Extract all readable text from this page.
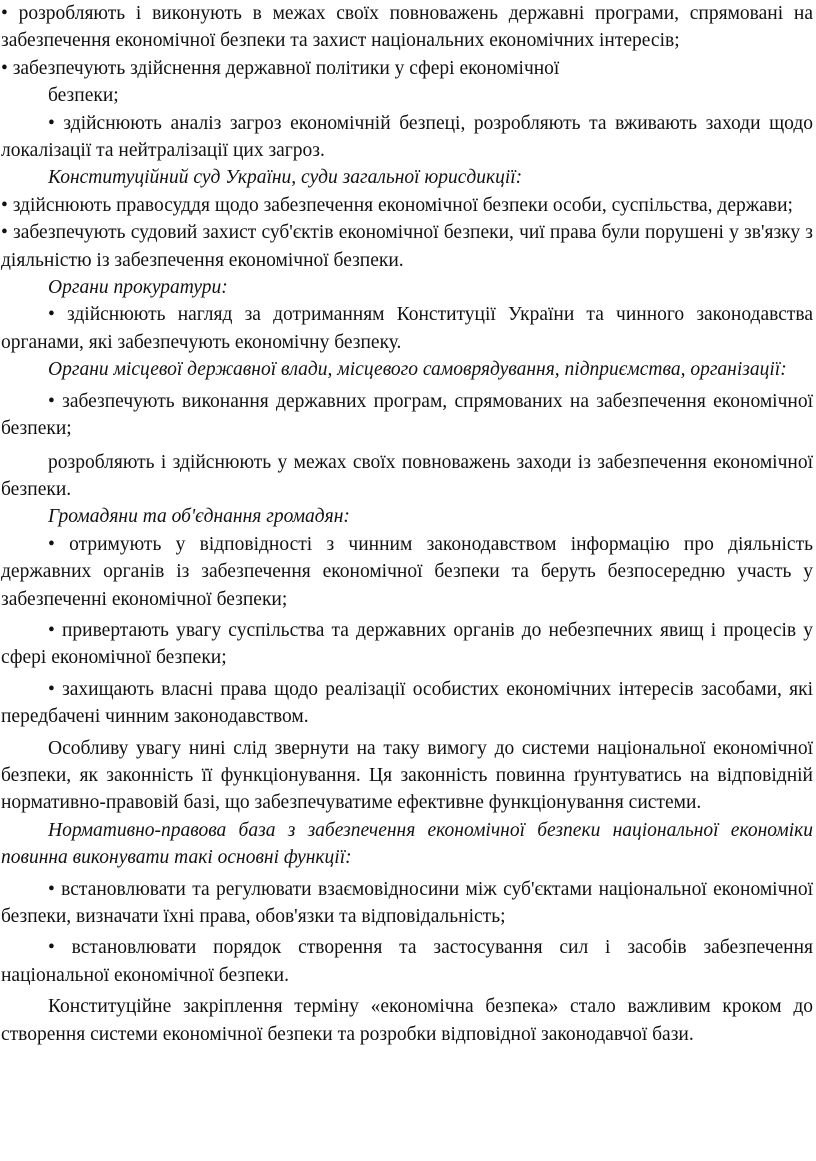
• розробляють і виконують в межах своїх повноважень державні програми, спрямовані на забезпечення економічної безпеки та захист національних економічних інтересів;

• забезпечують здійснення державної політики у сфері економічної

безпеки;

• здійснюють аналіз загроз економічній безпеці, розробляють та вживають заходи щодо локалізації та нейтралізації цих загроз.

Конституційний суд України, суди загальної юрисдикції:

• здійснюють правосуддя щодо забезпечення економічної безпеки особи, суспільства, держави;

• забезпечують судовий захист суб'єктів економічної безпеки, чиї права були порушені у зв'язку з діяльністю із забезпечення економічної безпеки.

Органи прокуратури:

• здійснюють нагляд за дотриманням Конституції України та чинного законодавства органами, які забезпечують економічну безпеку.

Органи місцевої державної влади, місцевого самоврядування, підприємства, організації:

• забезпечують виконання державних програм, спрямованих на забезпечення економічної безпеки;

розробляють і здійснюють у межах своїх повноважень заходи із забезпечення економічної безпеки.

Громадяни та об'єднання громадян:

• отримують у відповідності з чинним законодавством інформацію про діяльність державних органів із забезпечення економічної безпеки та беруть безпосередню участь у забезпеченні економічної безпеки;

• привертають увагу суспільства та державних органів до небезпечних явищ і процесів у сфері економічної безпеки;

• захищають власні права щодо реалізації особистих економічних інтересів засобами, які передбачені чинним законодавством.

Особливу увагу нині слід звернути на таку вимогу до системи національної економічної безпеки, як законність її функціонування. Ця законність повинна ґрунтуватись на відповідній нормативно-правовій базі, що забезпечуватиме ефективне функціонування системи.

Нормативно-правова база з забезпечення економічної безпеки національної економіки повинна виконувати такі основні функції:

• встановлювати та регулювати взаємовідносини між суб'єктами національної економічної безпеки, визначати їхні права, обов'язки та відповідальність;

• встановлювати порядок створення та застосування сил і засобів забезпечення національної економічної безпеки.

Конституційне закріплення терміну «економічна безпека» стало важливим кроком до створення системи економічної безпеки та розробки відповідної законодавчої бази.
